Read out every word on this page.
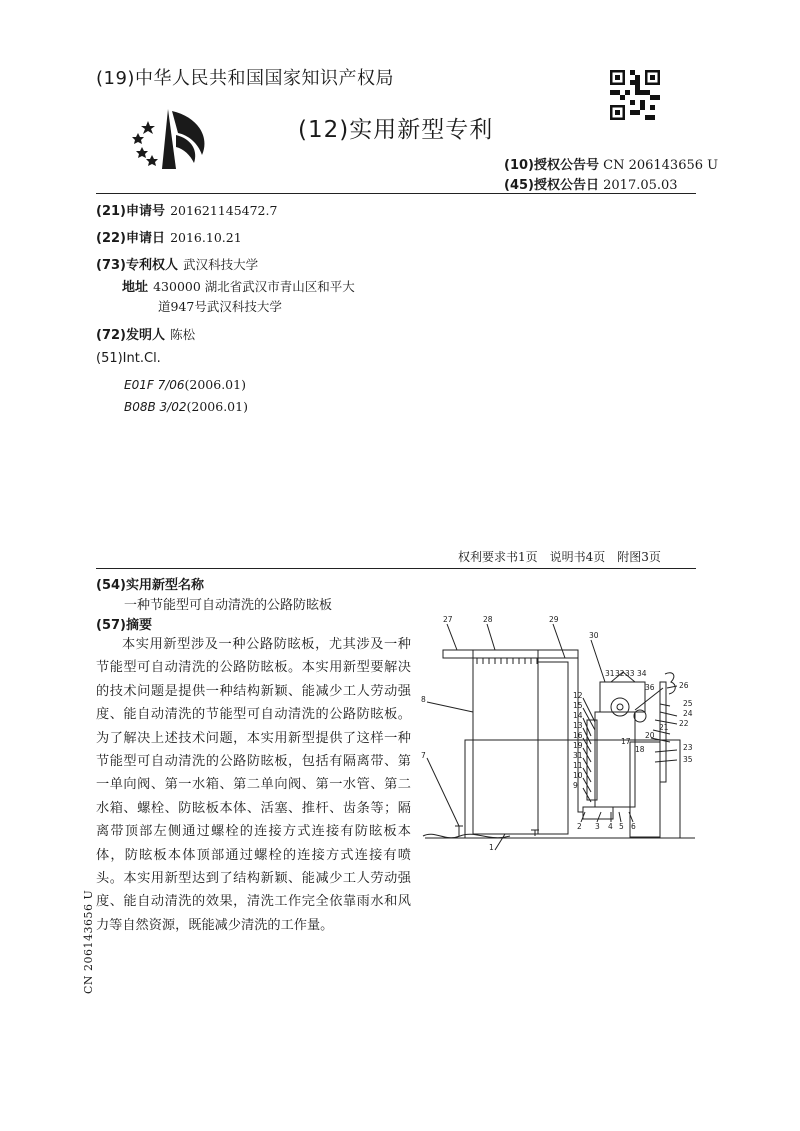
(19)中华人民共和国国家知识产权局
(12)实用新型专利
(10)授权公告号 CN 206143656 U
(45)授权公告日 2017.05.03
(21)申请号 201621145472.7
(22)申请日 2016.10.21
(73)专利权人 武汉科技大学
地址 430000 湖北省武汉市青山区和平大
道947号武汉科技大学
(72)发明人 陈松
(51)Int.Cl.
E01F 7/06(2006.01)
B08B 3/02(2006.01)
权利要求书1页　说明书4页　附图3页
(54)实用新型名称
一种节能型可自动清洗的公路防眩板
(57)摘要
本实用新型涉及一种公路防眩板，尤其涉及一种节能型可自动清洗的公路防眩板。本实用新型要解决的技术问题是提供一种结构新颖、能减少工人劳动强度、能自动清洗的节能型可自动清洗的公路防眩板。为了解决上述技术问题，本实用新型提供了这样一种节能型可自动清洗的公路防眩板，包括有隔离带、第一单向阀、第一水箱、第二单向阀、第一水管、第二水箱、螺栓、防眩板本体、活塞、推杆、齿条等；隔离带顶部左侧通过螺栓的连接方式连接有防眩板本体，防眩板本体顶部通过螺栓的连接方式连接有喷头。本实用新型达到了结构新颖、能减少工人劳动强度、能自动清洗的效果，清洗工作完全依靠雨水和风力等自然资源，既能减少清洗的工作量。
CN 206143656 U
27	28	29
30
8
7
12
15
14
13
16
19
31
11
10
9
31 32 33 34
36	26
25
24
22
21
20
17
18	23
35
2 3 4 5 6
1
